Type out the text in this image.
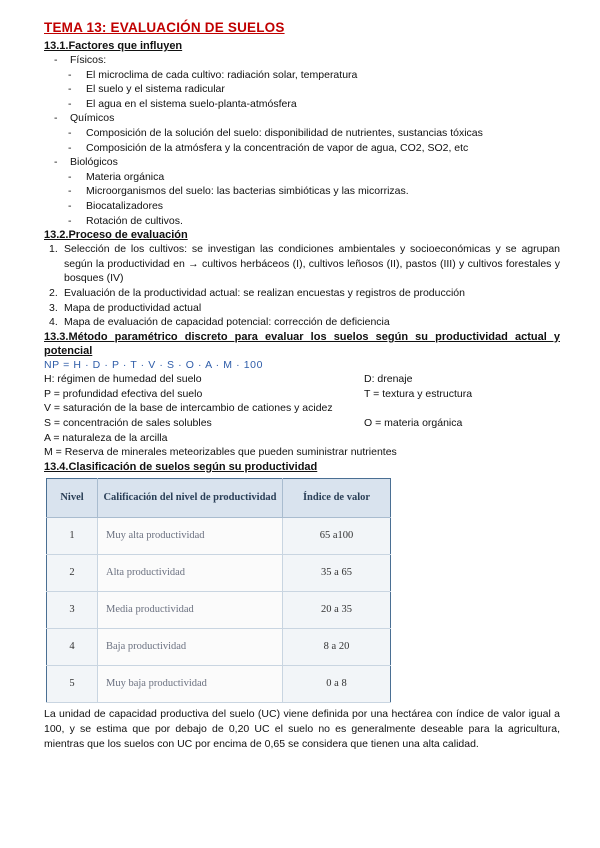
TEMA 13: EVALUACIÓN DE SUELOS
13.1.Factores que influyen
- Físicos:
- El microclima de cada cultivo: radiación solar, temperatura
- El suelo y el sistema radicular
- El agua en el sistema suelo-planta-atmósfera
- Químicos
- Composición de la solución del suelo: disponibilidad de nutrientes, sustancias tóxicas
- Composición de la atmósfera y la concentración de vapor de agua, CO2, SO2, etc
- Biológicos
- Materia orgánica
- Microorganismos del suelo: las bacterias simbióticas y las micorrizas.
- Biocatalizadores
- Rotación de cultivos.
13.2.Proceso de evaluación
1. Selección de los cultivos: se investigan las condiciones ambientales y socioeconómicas y se agrupan según la productividad en → cultivos herbáceos (I), cultivos leñosos (II), pastos (III) y cultivos forestales y bosques (IV)
2. Evaluación de la productividad actual: se realizan encuestas y registros de producción
3. Mapa de productividad actual
4. Mapa de evaluación de capacidad potencial: corrección de deficiencia
13.3.Método paramétrico discreto para evaluar los suelos según su productividad actual y
potencial
NP = H · D · P · T · V · S · O · A · M · 100
H: régimen de humedad del suelo	D: drenaje
P = profundidad efectiva del suelo	T = textura y estructura
V = saturación de la base de intercambio de cationes y acidez
S = concentración de sales solubles	O = materia orgánica
A = naturaleza de la arcilla
M = Reserva de minerales meteorizables que pueden suministrar nutrientes
13.4.Clasificación de suelos según su productividad
Nivel	Calificación del nivel de productividad	Índice de valor
1	Muy alta productividad	65 a100
2	Alta productividad	35 a 65
3	Media productividad	20 a 35
4	Baja productividad	8 a 20
5	Muy baja productividad	0 a 8
La unidad de capacidad productiva del suelo (UC) viene definida por una hectárea con índice de valor igual a 100, y se estima que por debajo de 0,20 UC el suelo no es generalmente deseable para la agricultura, mientras que los suelos con UC por encima de 0,65 se considera que tienen una alta calidad.
